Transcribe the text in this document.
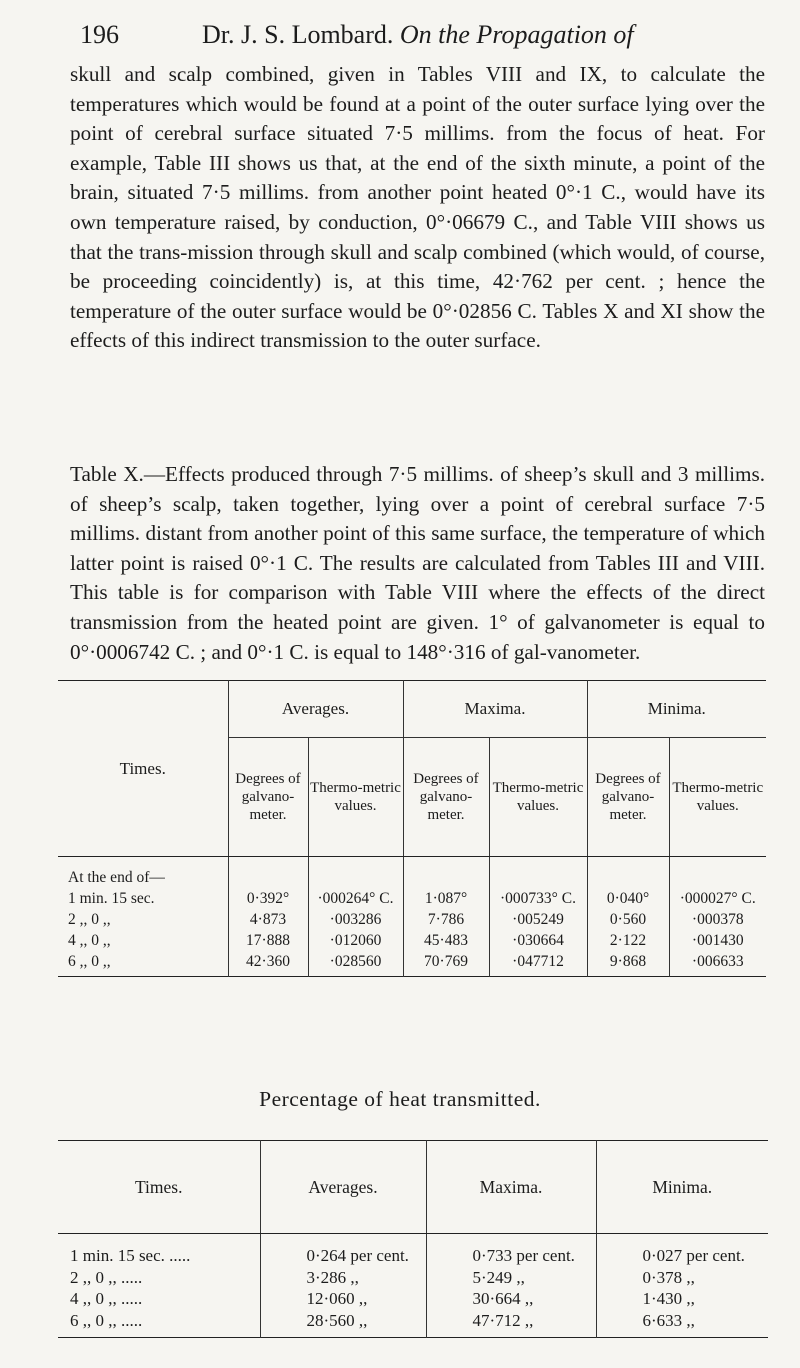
196	Dr. J. S. Lombard. On the Propagation of

skull and scalp combined, given in Tables VIII and IX, to calculate the temperatures which would be found at a point of the outer surface lying over the point of cerebral surface situated 7·5 millims. from the focus of heat. For example, Table III shows us that, at the end of the sixth minute, a point of the brain, situated 7·5 millims. from another point heated 0°·1 C., would have its own temperature raised, by conduction, 0°·06679 C., and Table VIII shows us that the trans-mission through skull and scalp combined (which would, of course, be proceeding coincidently) is, at this time, 42·762 per cent. ; hence the temperature of the outer surface would be 0°·02856 C. Tables X and XI show the effects of this indirect transmission to the outer surface.

Table X.—Effects produced through 7·5 millims. of sheep’s skull and 3 millims. of sheep’s scalp, taken together, lying over a point of cerebral surface 7·5 millims. distant from another point of this same surface, the temperature of which latter point is raised 0°·1 C. The results are calculated from Tables III and VIII. This table is for comparison with Table VIII where the effects of the direct transmission from the heated point are given. 1° of galvanometer is equal to 0°·0006742 C. ; and 0°·1 C. is equal to 148°·316 of gal-vanometer.

Times.	Averages.		Maxima.		Minima.	
	Degrees of galvano-meter.	Thermo-metric values.	Degrees of galvano-meter.	Thermo-metric values.	Degrees of galvano-meter.	Thermo-metric values.
At the end of—						
1 min. 15 sec.	0·392°	·000264° C.	1·087°	·000733° C.	0·040°	·000027° C.
2 ,, 0 ,,	4·873	·003286	7·786	·005249	0·560	·000378
4 ,, 0 ,,	17·888	·012060	45·483	·030664	2·122	·001430
6 ,, 0 ,,	42·360	·028560	70·769	·047712	9·868	·006633
Percentage of heat transmitted.
Times.	Averages.	Maxima.	Minima.
1 min. 15 sec. .....	0·264 per cent.	0·733 per cent.	0·027 per cent.
2 ,, 0 ,, .....	3·286 ,,	5·249 ,,	0·378 ,,
4 ,, 0 ,, .....	12·060 ,,	30·664 ,,	1·430 ,,
6 ,, 0 ,, .....	28·560 ,,	47·712 ,,	6·633 ,,
